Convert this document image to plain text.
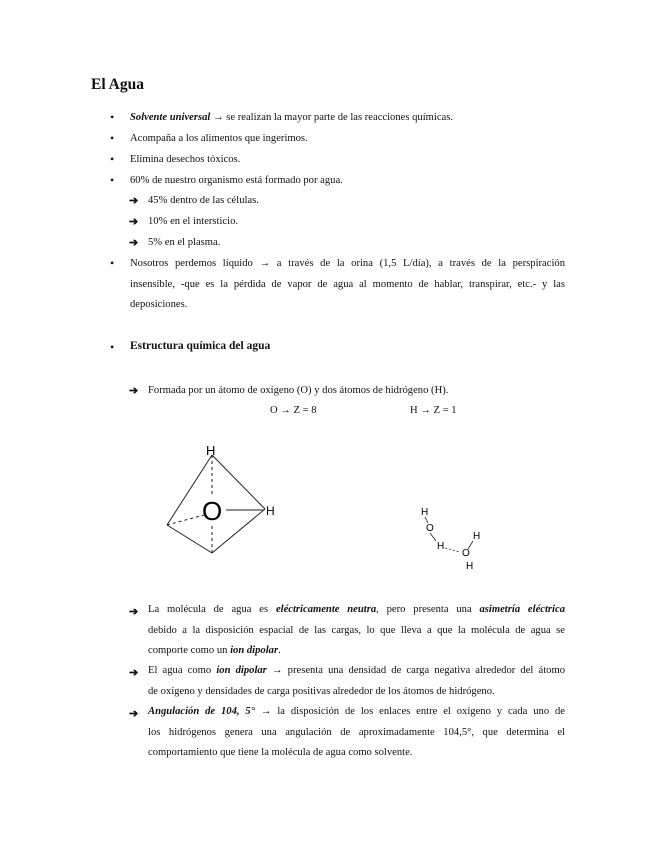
El Agua
• Solvente universal → se realizan la mayor parte de las reacciones químicas.
• Acompaña a los alimentos que ingerimos.
• Elimina desechos tóxicos.
• 60% de nuestro organismo está formado por agua.
➔ 45% dentro de las células.
➔ 10% en el intersticio.
➔ 5% en el plasma.
• Nosotros perdemos líquido → a través de la orina (1,5 L/día), a través de la perspiración
insensible, -que es la pérdida de vapor de agua al momento de hablar, transpirar, etc.- y las
deposiciones.
• Estructura química del agua
➔ Formada por un átomo de oxígeno (O) y dos átomos de hidrógeno (H).
O → Z = 8	H → Z = 1
H
O	H	H
O
H
H
O
H
➔ La molécula de agua es eléctricamente neutra, pero presenta una asimetría eléctrica
debido a la disposición espacial de las cargas, lo que lleva a que la molécula de agua se
comporte como un ion dipolar.
➔ El agua como ion dipolar → presenta una densidad de carga negativa alrededor del átomo
de oxígeno y densidades de carga positivas alrededor de los átomos de hidrógeno.
➔ Angulación de 104, 5° → la disposición de los enlaces entre el oxígeno y cada uno de
los hidrógenos genera una angulación de aproximadamente 104,5°, que determina el
comportamiento que tiene la molécula de agua como solvente.
